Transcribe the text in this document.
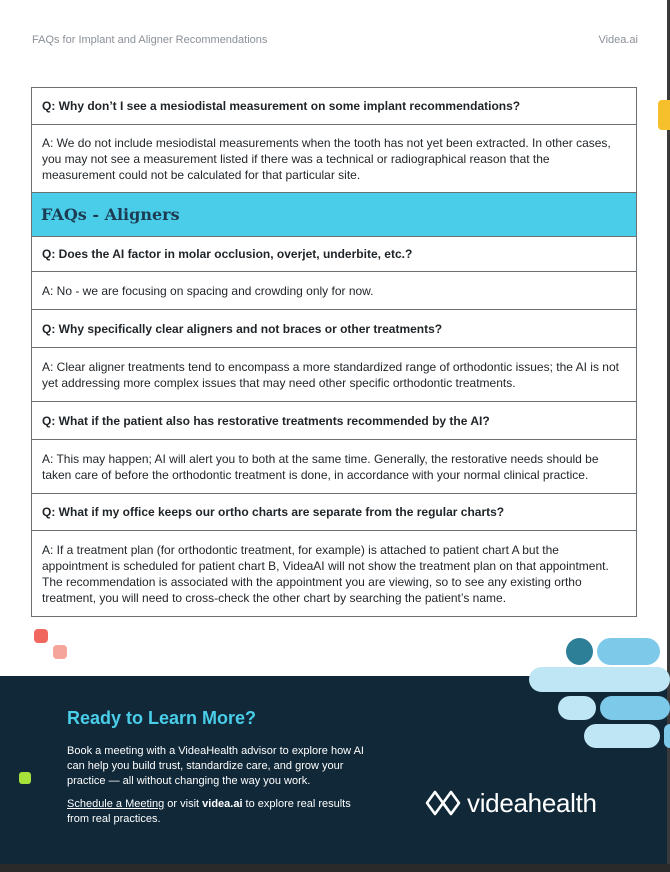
FAQs for Implant and Aligner Recommendations	Videa.ai
Q: Why don’t I see a mesiodistal measurement on some implant recommendations?
A: We do not include mesiodistal measurements when the tooth has not yet been extracted. In other cases, you may not see a measurement listed if there was a technical or radiographical reason that the measurement could not be calculated for that particular site.
FAQs - Aligners
Q: Does the AI factor in molar occlusion, overjet, underbite, etc.?
A: No - we are focusing on spacing and crowding only for now.
Q: Why specifically clear aligners and not braces or other treatments?
A: Clear aligner treatments tend to encompass a more standardized range of orthodontic issues; the AI is not yet addressing more complex issues that may need other specific orthodontic treatments.
Q: What if the patient also has restorative treatments recommended by the AI?
A: This may happen; AI will alert you to both at the same time. Generally, the restorative needs should be taken care of before the orthodontic treatment is done, in accordance with your normal clinical practice.
Q: What if my office keeps our ortho charts are separate from the regular charts?
A: If a treatment plan (for orthodontic treatment, for example) is attached to patient chart A but the appointment is scheduled for patient chart B, VideaAI will not show the treatment plan on that appointment. The recommendation is associated with the appointment you are viewing, so to see any existing ortho treatment, you will need to cross-check the other chart by searching the patient’s name.
Ready to Learn More?
Book a meeting with a VideaHealth advisor to explore how AI can help you build trust, standardize care, and grow your practice — all without changing the way you work.
Schedule a Meeting or visit videa.ai to explore real results from real practices.
videahealth
